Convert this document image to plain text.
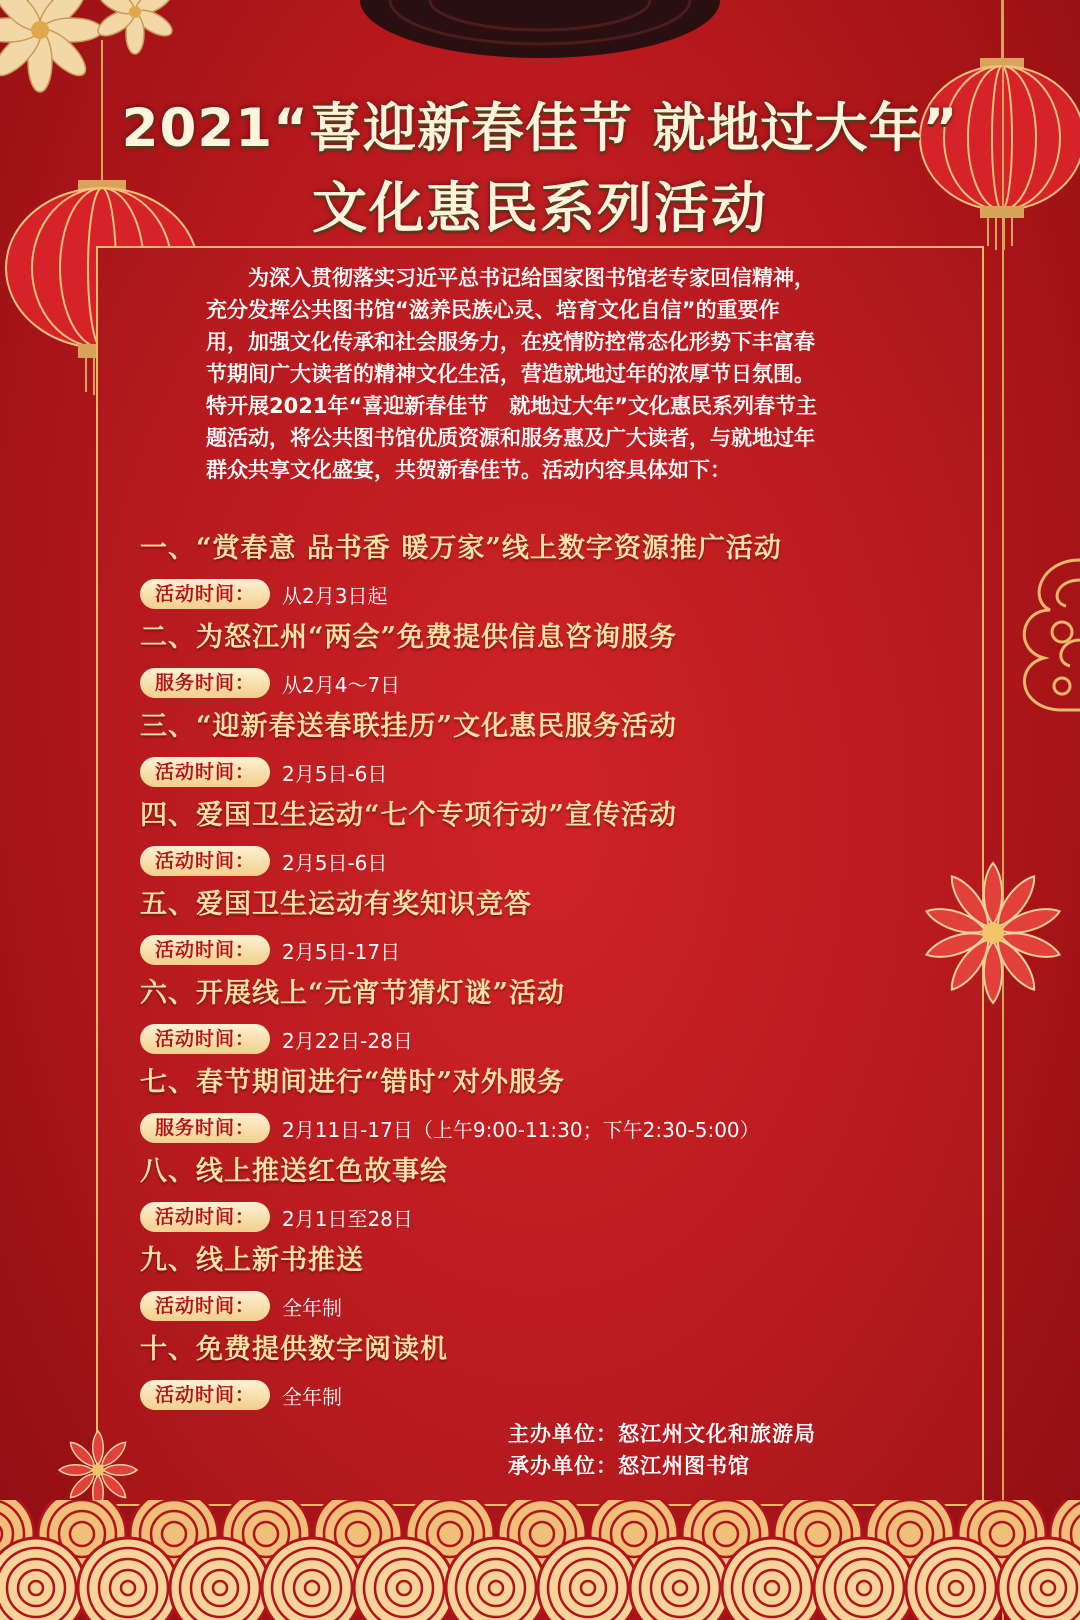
2021“喜迎新春佳节 就地过大年”
文化惠民系列活动
　　为深入贯彻落实习近平总书记给国家图书馆老专家回信精神，
充分发挥公共图书馆“滋养民族心灵、培育文化自信”的重要作
用，加强文化传承和社会服务力，在疫情防控常态化形势下丰富春
节期间广大读者的精神文化生活，营造就地过年的浓厚节日氛围。
特开展2021年“喜迎新春佳节　就地过大年”文化惠民系列春节主
题活动，将公共图书馆优质资源和服务惠及广大读者，与就地过年
群众共享文化盛宴，共贺新春佳节。活动内容具体如下：
一、“赏春意 品书香 暖万家”线上数字资源推广活动
活动时间：	从2月3日起
二、为怒江州“两会”免费提供信息咨询服务
服务时间：	从2月4～7日
三、“迎新春送春联挂历”文化惠民服务活动
活动时间：	2月5日-6日
四、爱国卫生运动“七个专项行动”宣传活动
活动时间：	2月5日-6日
五、爱国卫生运动有奖知识竞答
活动时间：	2月5日-17日
六、开展线上“元宵节猜灯谜”活动
活动时间：	2月22日-28日
七、春节期间进行“错时”对外服务
服务时间：	2月11日-17日（上午9:00-11:30；下午2:30-5:00）
八、线上推送红色故事绘
活动时间：	2月1日至28日
九、线上新书推送
活动时间：	全年制
十、免费提供数字阅读机
活动时间：	全年制
主办单位：怒江州文化和旅游局
承办单位：怒江州图书馆
